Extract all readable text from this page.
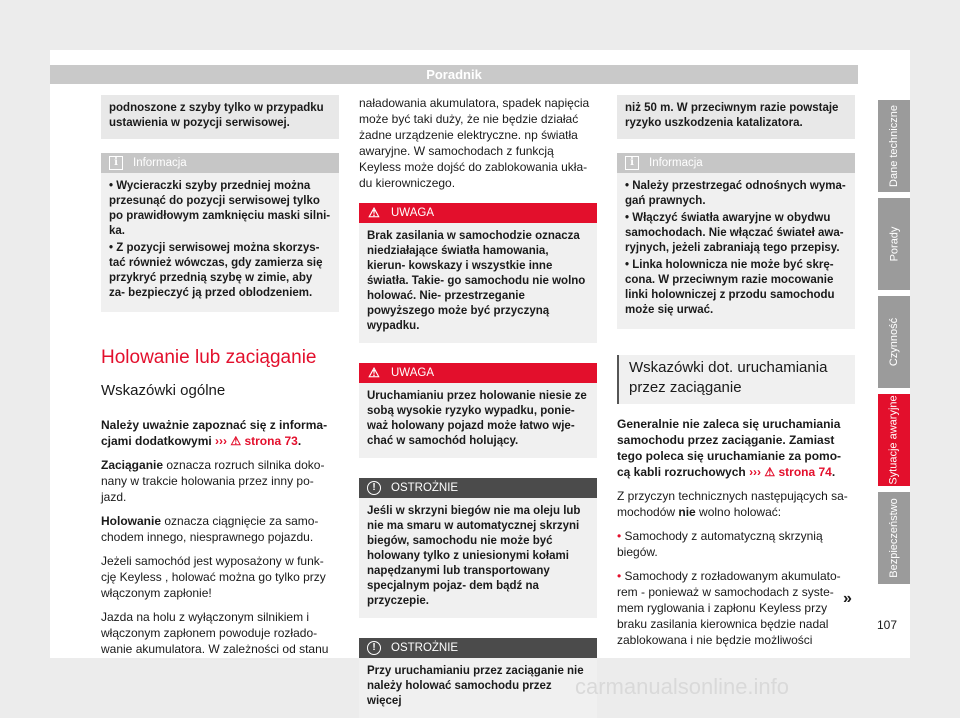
Poradnik
podnoszone z szyby tylko w przypadku ustawienia w pozycji serwisowej.
i	Informacja
• Wycieraczki szyby przedniej można przesunąć do pozycji serwisowej tylko po prawidłowym zamknięciu maski silni- ka.
• Z pozycji serwisowej można skorzys- tać również wówczas, gdy zamierza się przykryć przednią szybę w zimie, aby za- bezpieczyć ją przed oblodzeniem.
Holowanie lub zaciąganie
Wskazówki ogólne

Należy uważnie zapoznać się z informa- cjami dodatkowymi ››› ⚠ strona 73.

Zaciąganie oznacza rozruch silnika doko- nany w trakcie holowania przez inny po- jazd.

Holowanie oznacza ciągnięcie za samo- chodem innego, niesprawnego pojazdu.

Jeżeli samochód jest wyposażony w funk- cję Keyless , holować można go tylko przy włączonym zapłonie!

Jazda na holu z wyłączonym silnikiem i włączonym zapłonem powoduje rozłado- wanie akumulatora. W zależności od stanu

naładowania akumulatora, spadek napięcia może być taki duży, że nie będzie działać żadne urządzenie elektryczne. np światła awaryjne. W samochodach z funkcją Keyless może dojść do zablokowania ukła- du kierowniczego.

⚠ UWAGA
Brak zasilania w samochodzie oznacza niedziałające światła hamowania, kierun- kowskazy i wszystkie inne światła. Takie- go samochodu nie wolno holować. Nie- przestrzeganie powyższego może być przyczyną wypadku.
⚠ UWAGA
Uruchamianiu przez holowanie niesie ze sobą wysokie ryzyko wypadku, ponie- waż holowany pojazd może łatwo wje- chać w samochód holujący.
!	OSTROŻNIE
Jeśli w skrzyni biegów nie ma oleju lub nie ma smaru w automatycznej skrzyni biegów, samochodu nie może być holowany tylko z uniesionymi kołami napędzanymi lub transportowany specjalnym pojaz- dem bądź na przyczepie.
!	OSTROŻNIE
Przy uruchamianiu przez zaciąganie nie należy holować samochodu przez więcej
niż 50 m. W przeciwnym razie powstaje ryzyko uszkodzenia katalizatora.
i	Informacja
• Należy przestrzegać odnośnych wyma- gań prawnych.
• Włączyć światła awaryjne w obydwu samochodach. Nie włączać świateł awa- ryjnych, jeżeli zabraniają tego przepisy.
• Linka holownicza nie może być skrę- cona. W przeciwnym razie mocowanie linki holowniczej z przodu samochodu może się urwać.
Wskazówki dot. uruchamiania przez zaciąganie

Generalnie nie zaleca się uruchamiania samochodu przez zaciąganie. Zamiast tego poleca się uruchamianie za pomo- cą kabli rozruchowych ››› ⚠ strona 74.

Z przyczyn technicznych następujących sa- mochodów nie wolno holować:

• Samochody z automatyczną skrzynią biegów.

• Samochody z rozładowanym akumulato- rem - ponieważ w samochodach z syste- mem ryglowania i zapłonu Keyless przy braku zasilania kierownica będzie nadal zablokowana i nie będzie możliwości

»
Dane techniczne
Porady
Czynność
Sytuacje awaryjne
Bezpieczeństwo
107
carmanualsonline.info
